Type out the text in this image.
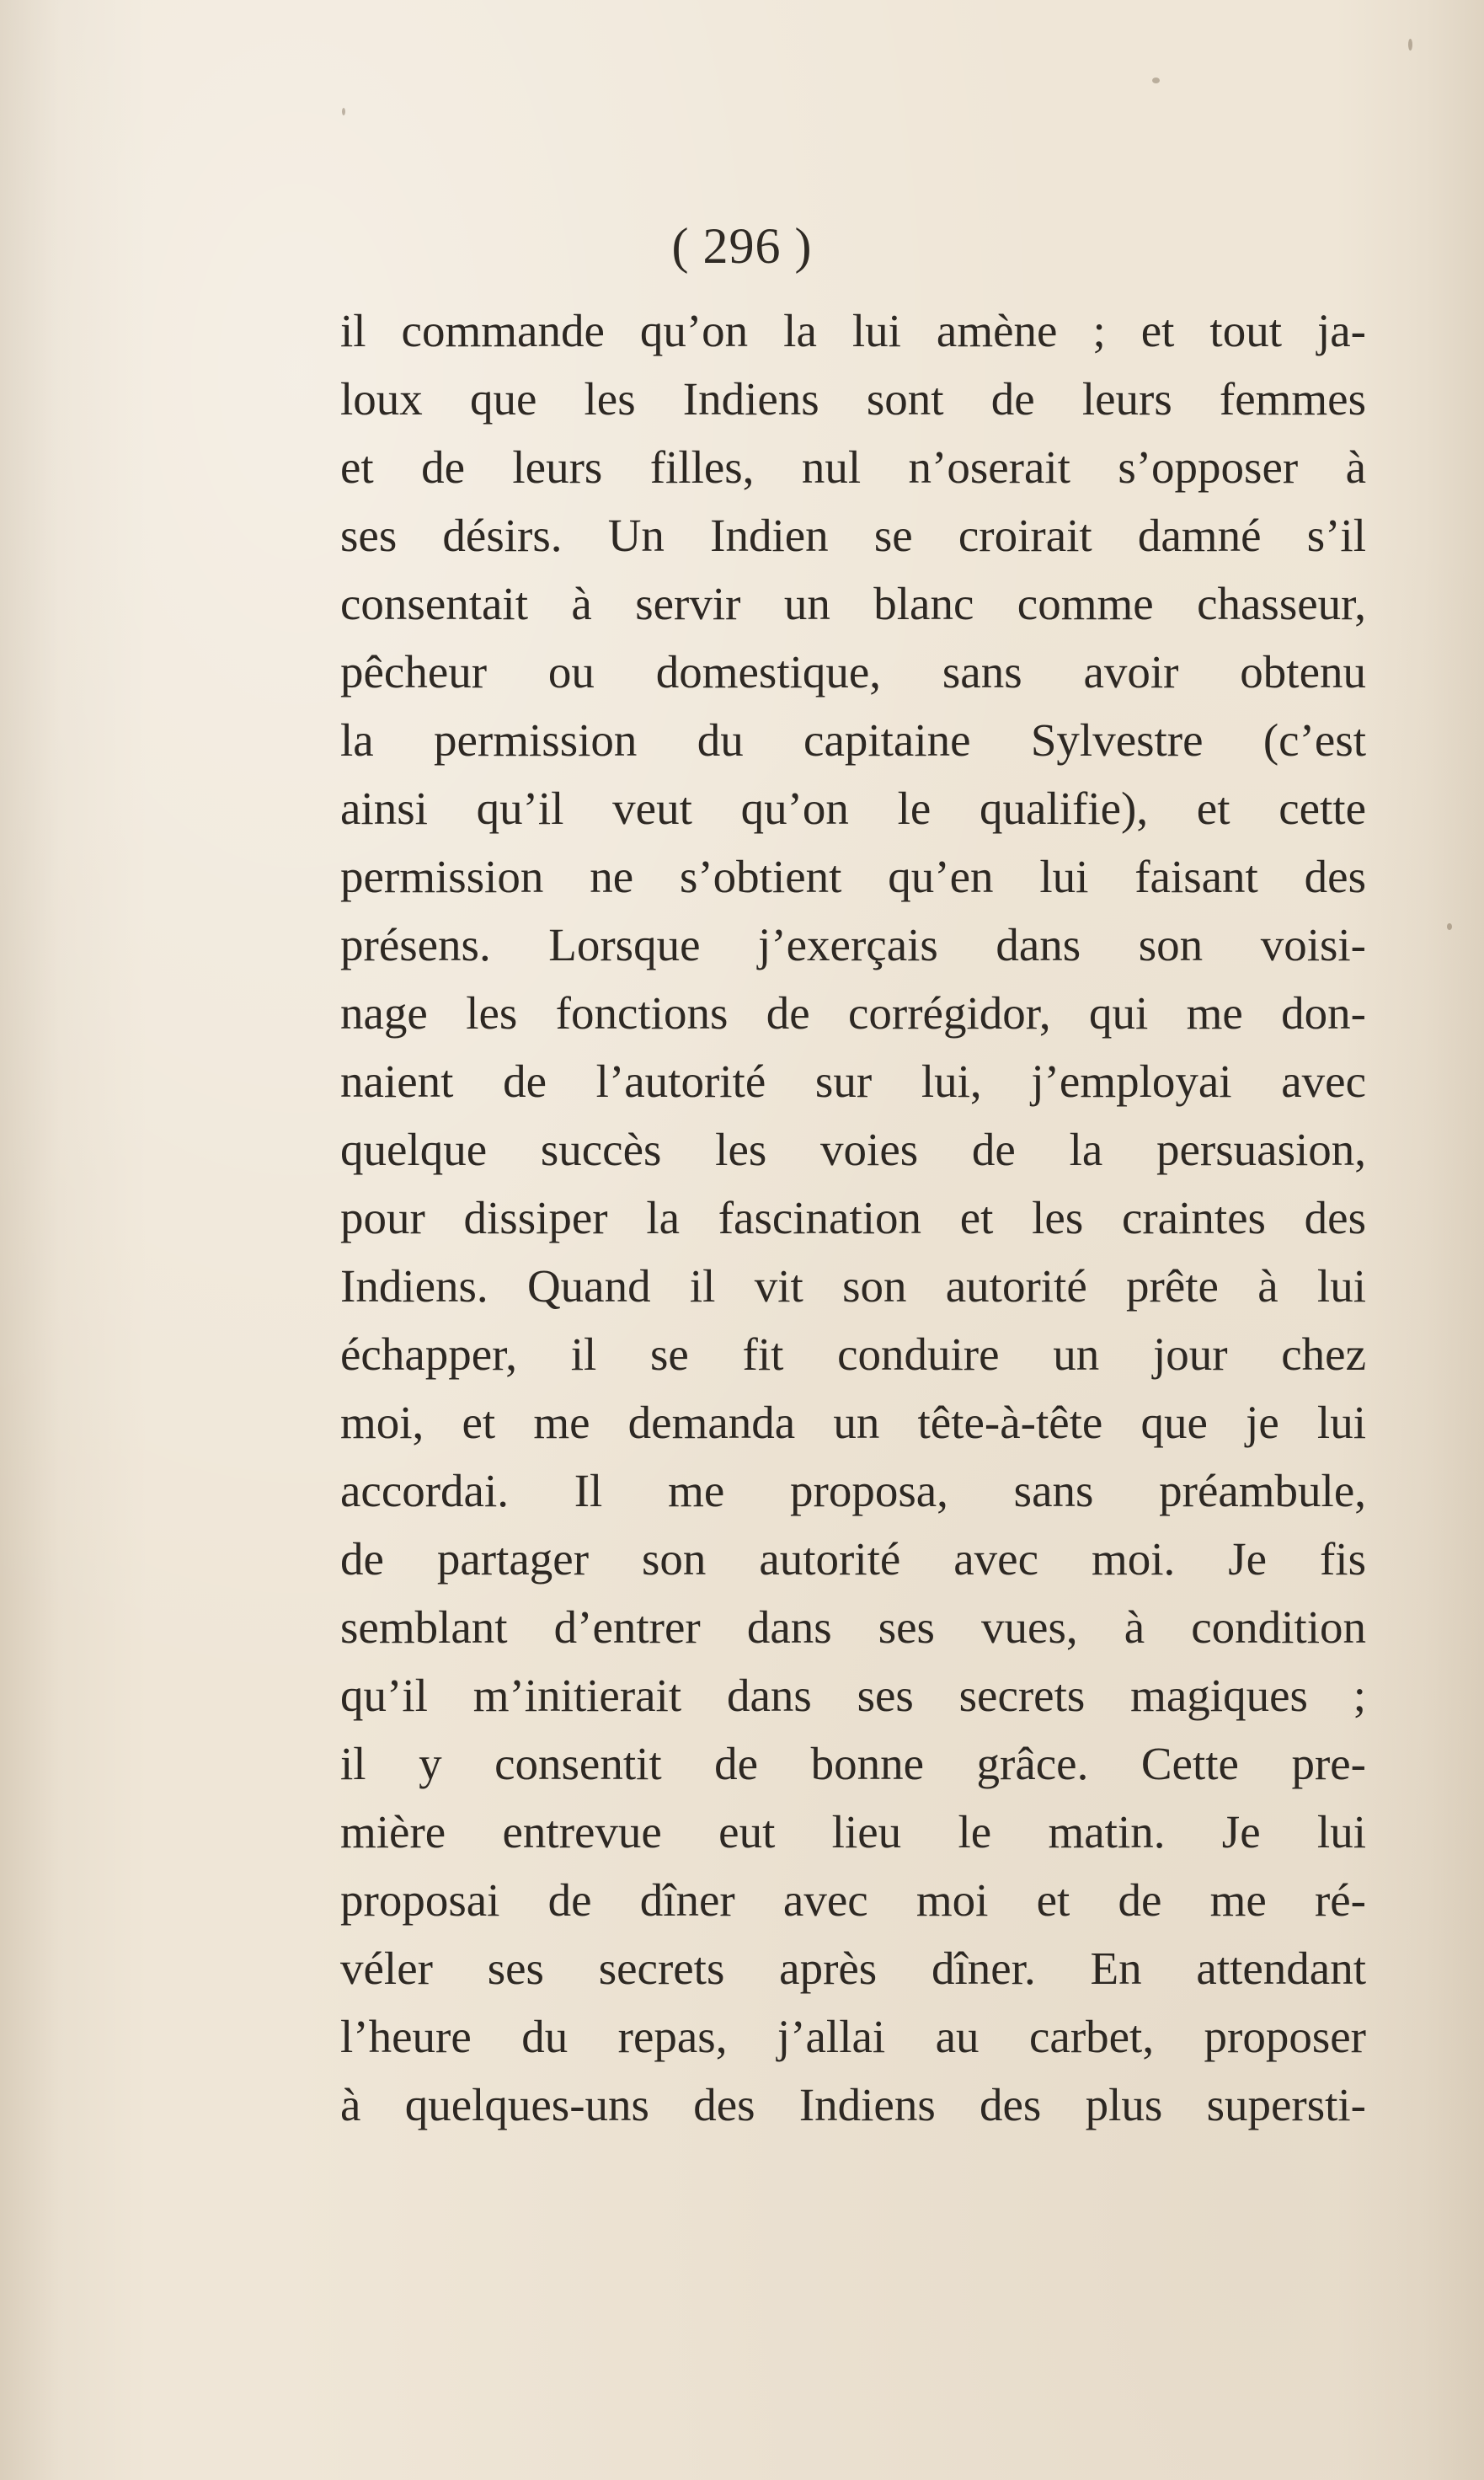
( 296 )
il commande qu’on la lui amène ; et tout ja-
loux que les Indiens sont de leurs femmes
et de leurs filles, nul n’oserait s’opposer à
ses désirs. Un Indien se croirait damné s’il
consentait à servir un blanc comme chasseur,
pêcheur ou domestique, sans avoir obtenu
la permission du capitaine Sylvestre (c’est
ainsi qu’il veut qu’on le qualifie), et cette
permission ne s’obtient qu’en lui faisant des
présens. Lorsque j’exerçais dans son voisi-
nage les fonctions de corrégidor, qui me don-
naient de l’autorité sur lui, j’employai avec
quelque succès les voies de la persuasion,
pour dissiper la fascination et les craintes des
Indiens. Quand il vit son autorité prête à lui
échapper, il se fit conduire un jour chez
moi, et me demanda un tête-à-tête que je lui
accordai. Il me proposa, sans préambule,
de partager son autorité avec moi. Je fis
semblant d’entrer dans ses vues, à condition
qu’il m’initierait dans ses secrets magiques ;
il y consentit de bonne grâce. Cette pre-
mière entrevue eut lieu le matin. Je lui
proposai de dîner avec moi et de me ré-
véler ses secrets après dîner. En attendant
l’heure du repas, j’allai au carbet, proposer
à quelques-uns des Indiens des plus supersti-
